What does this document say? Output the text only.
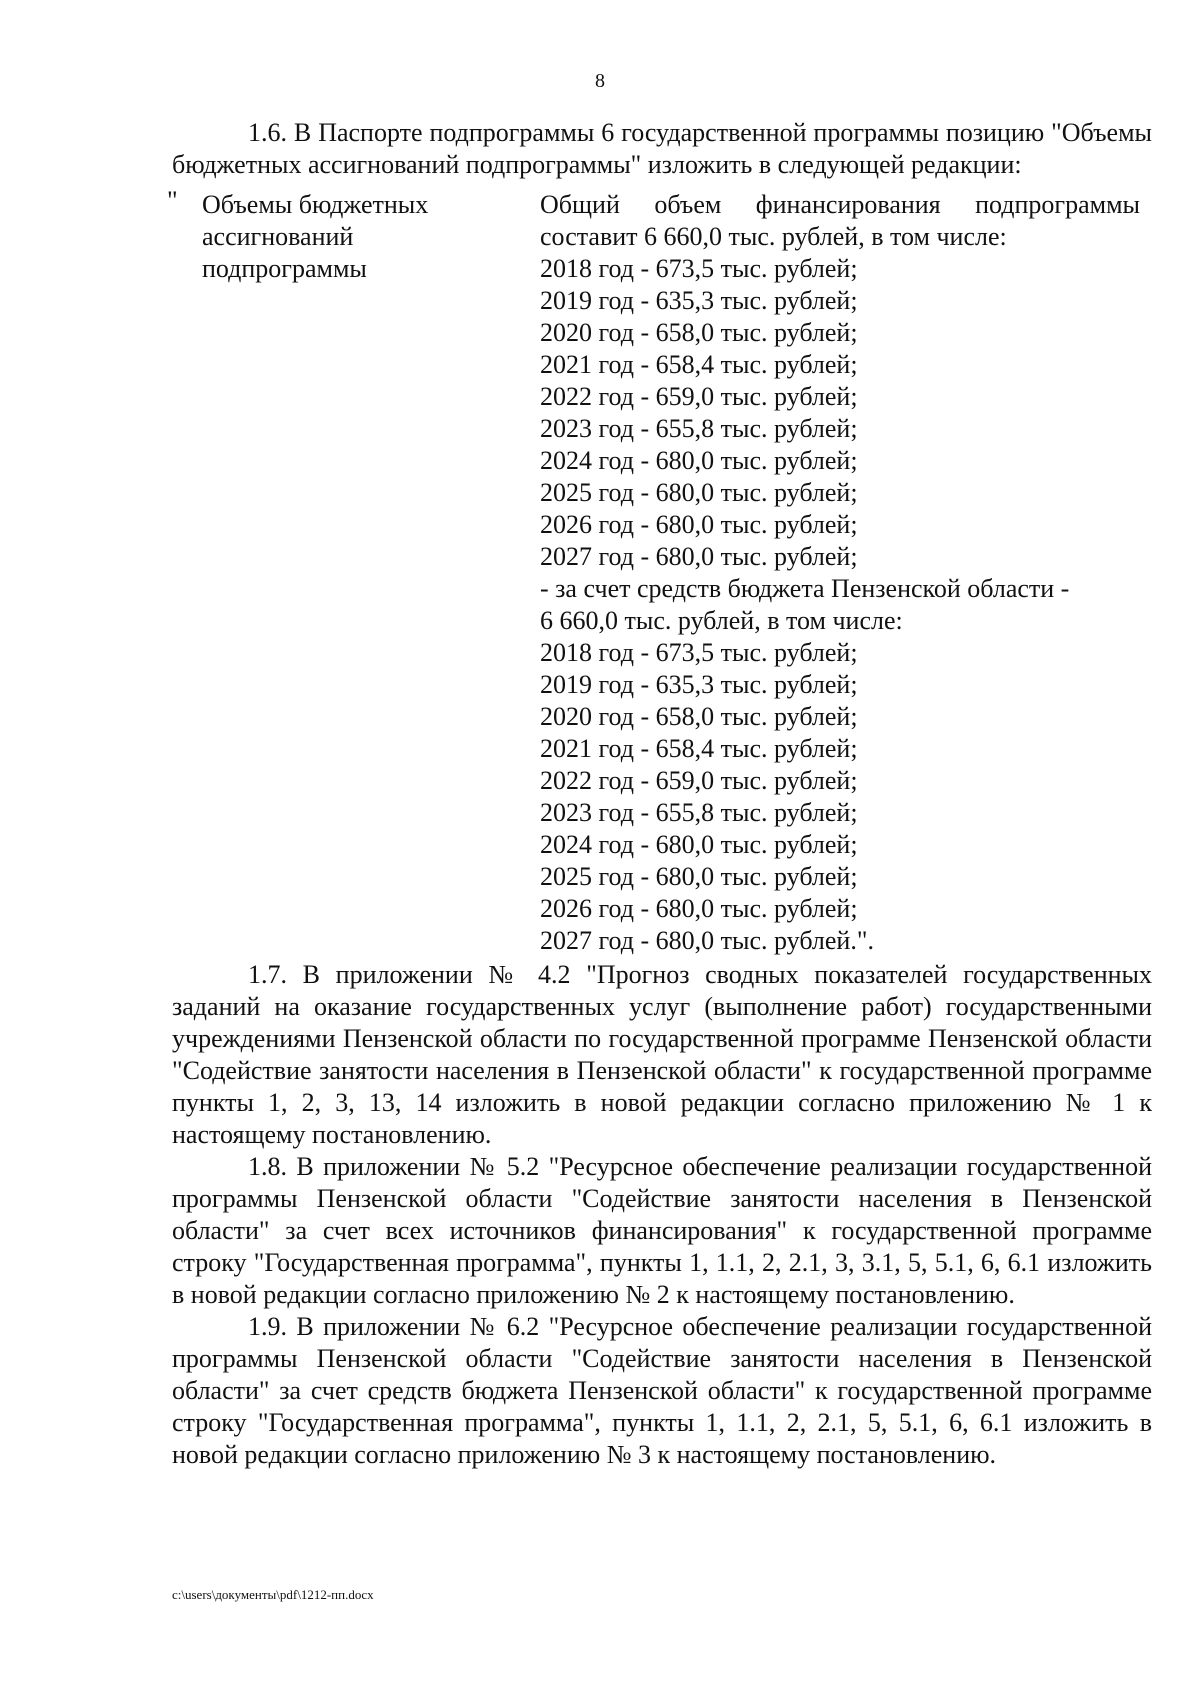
8

1.6. В Паспорте подпрограммы 6 государственной программы позицию "Объемы бюджетных ассигнований подпрограммы" изложить в следующей редакции:

" Объемы бюджетных
ассигнований
подпрограммы
Общий объем финансирования подпрограммы
составит 6 660,0 тыс. рублей, в том числе:
2018 год - 673,5 тыс. рублей;
2019 год - 635,3 тыс. рублей;
2020 год - 658,0 тыс. рублей;
2021 год - 658,4 тыс. рублей;
2022 год - 659,0 тыс. рублей;
2023 год - 655,8 тыс. рублей;
2024 год - 680,0 тыс. рублей;
2025 год - 680,0 тыс. рублей;
2026 год - 680,0 тыс. рублей;
2027 год - 680,0 тыс. рублей;
- за счет средств бюджета Пензенской области -
6 660,0 тыс. рублей, в том числе:
2018 год - 673,5 тыс. рублей;
2019 год - 635,3 тыс. рублей;
2020 год - 658,0 тыс. рублей;
2021 год - 658,4 тыс. рублей;
2022 год - 659,0 тыс. рублей;
2023 год - 655,8 тыс. рублей;
2024 год - 680,0 тыс. рублей;
2025 год - 680,0 тыс. рублей;
2026 год - 680,0 тыс. рублей;
2027 год - 680,0 тыс. рублей.".

1.7. В приложении № 4.2 "Прогноз сводных показателей государственных заданий на оказание государственных услуг (выполнение работ) государственными учреждениями Пензенской области по государственной программе Пензенской области "Содействие занятости населения в Пензенской области" к государственной программе пункты 1, 2, 3, 13, 14 изложить в новой редакции согласно приложению № 1 к настоящему постановлению.

1.8. В приложении № 5.2 "Ресурсное обеспечение реализации государственной программы Пензенской области "Содействие занятости населения в Пензенской области" за счет всех источников финансирования" к государственной программе строку "Государственная программа", пункты 1, 1.1, 2, 2.1, 3, 3.1, 5, 5.1, 6, 6.1 изложить в новой редакции согласно приложению № 2 к настоящему постановлению.

1.9. В приложении № 6.2 "Ресурсное обеспечение реализации государственной программы Пензенской области "Содействие занятости населения в Пензенской области" за счет средств бюджета Пензенской области" к государственной программе строку "Государственная программа", пункты 1, 1.1, 2, 2.1, 5, 5.1, 6, 6.1 изложить в новой редакции согласно приложению № 3 к настоящему постановлению.

c:\users\документы\pdf\1212-пп.docx
